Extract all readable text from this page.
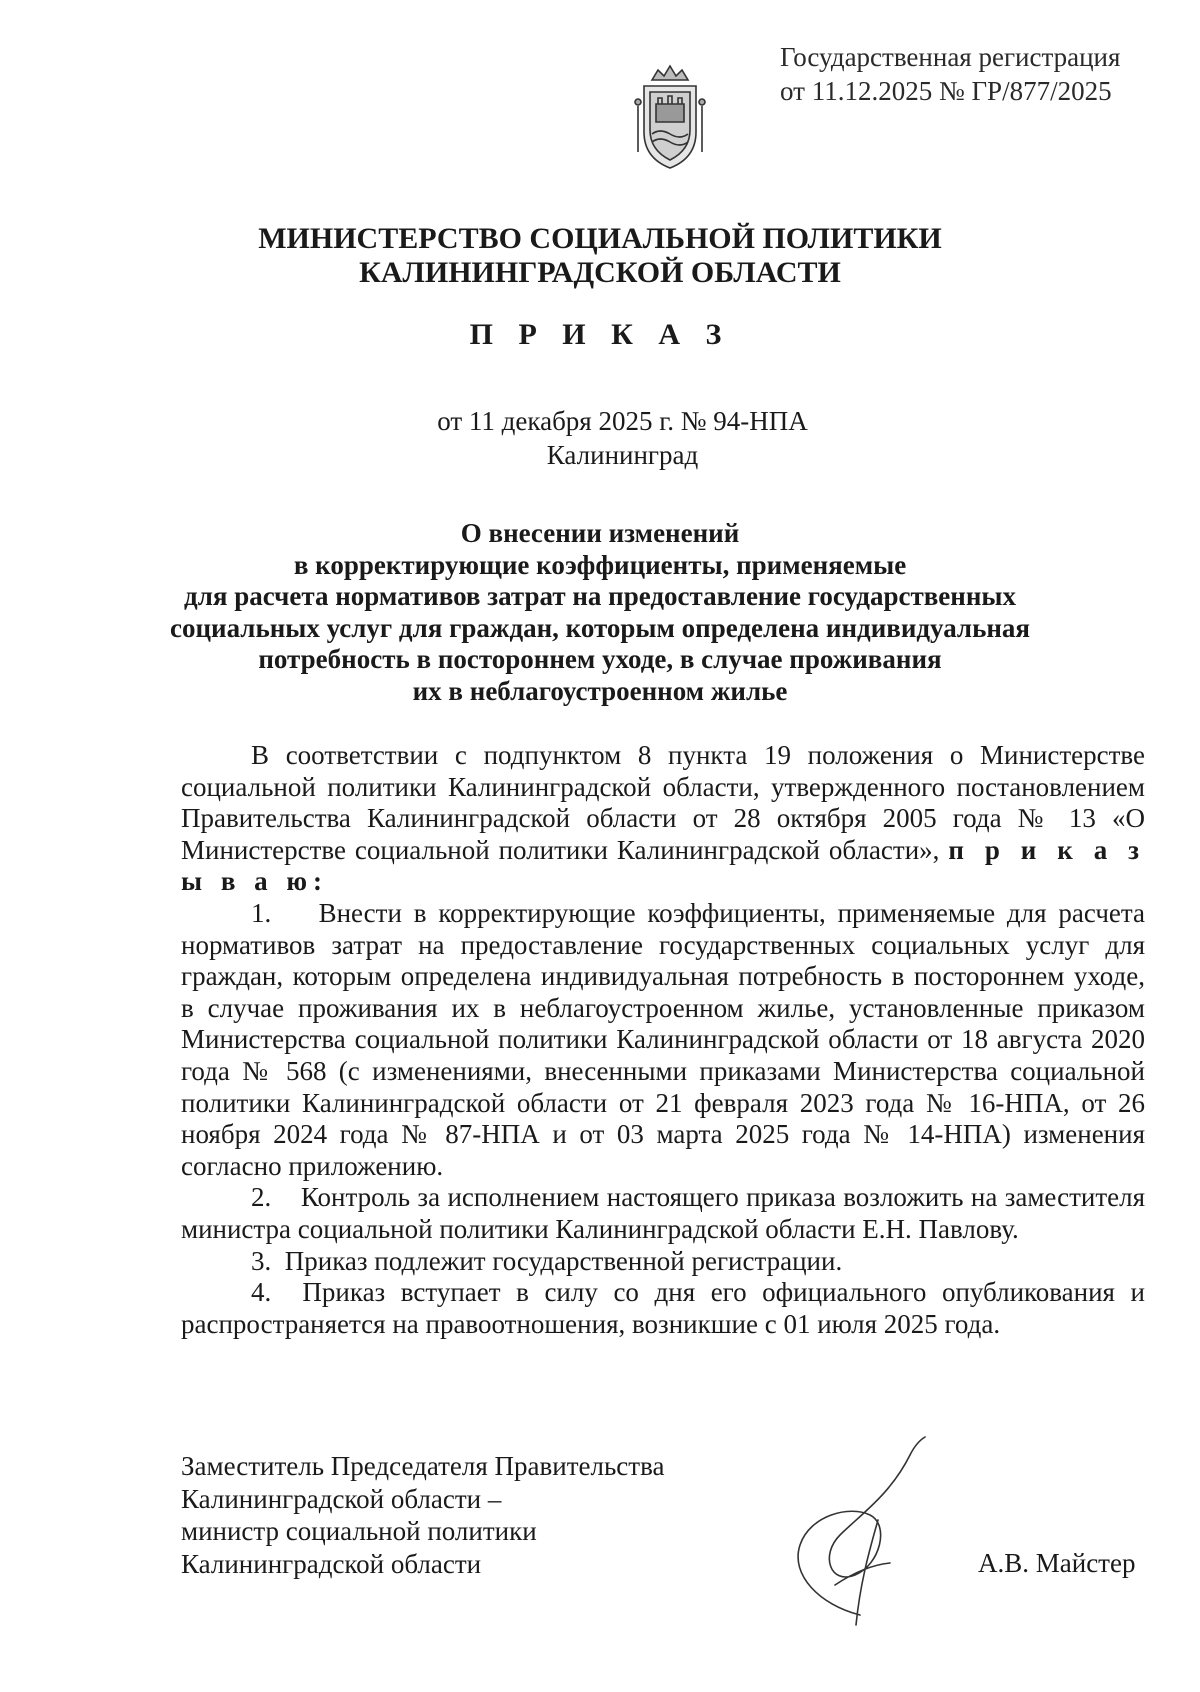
Государственная регистрация
от 11.12.2025 № ГР/877/2025
МИНИСТЕРСТВО СОЦИАЛЬНОЙ ПОЛИТИКИ
КАЛИНИНГРАДСКОЙ ОБЛАСТИ
П Р И К А З
от 11 декабря 2025 г. № 94-НПА
Калининград
О внесении изменений
в корректирующие коэффициенты, применяемые
для расчета нормативов затрат на предоставление государственных
социальных услуг для граждан, которым определена индивидуальная
потребность в постороннем уходе, в случае проживания
их в неблагоустроенном жилье

В соответствии с подпунктом 8 пункта 19 положения о Министерстве социальной политики Калининградской области, утвержденного постановлением Правительства Калининградской области от 28 октября 2005 года № 13 «О Министерстве социальной политики Калининградской области», п р и к а з ы в а ю:

1.    Внести в корректирующие коэффициенты, применяемые для расчета нормативов затрат на предоставление государственных социальных услуг для граждан, которым определена индивидуальная потребность в постороннем уходе, в случае проживания их в неблагоустроенном жилье, установленные приказом Министерства социальной политики Калининградской области от 18 августа 2020 года № 568 (с изменениями, внесенными приказами Министерства социальной политики Калининградской области от 21 февраля 2023 года № 16-НПА, от 26 ноября 2024 года № 87-НПА и от 03 марта 2025 года № 14-НПА) изменения согласно приложению.

2.    Контроль за исполнением настоящего приказа возложить на заместителя министра социальной политики Калининградской области Е.Н. Павлову.

3.  Приказ подлежит государственной регистрации.

4.  Приказ вступает в силу со дня его официального опубликования и распространяется на правоотношения, возникшие с 01 июля 2025 года.

Заместитель Председателя Правительства
Калининградской области –
министр социальной политики
Калининградской области	А.В. Майстер
